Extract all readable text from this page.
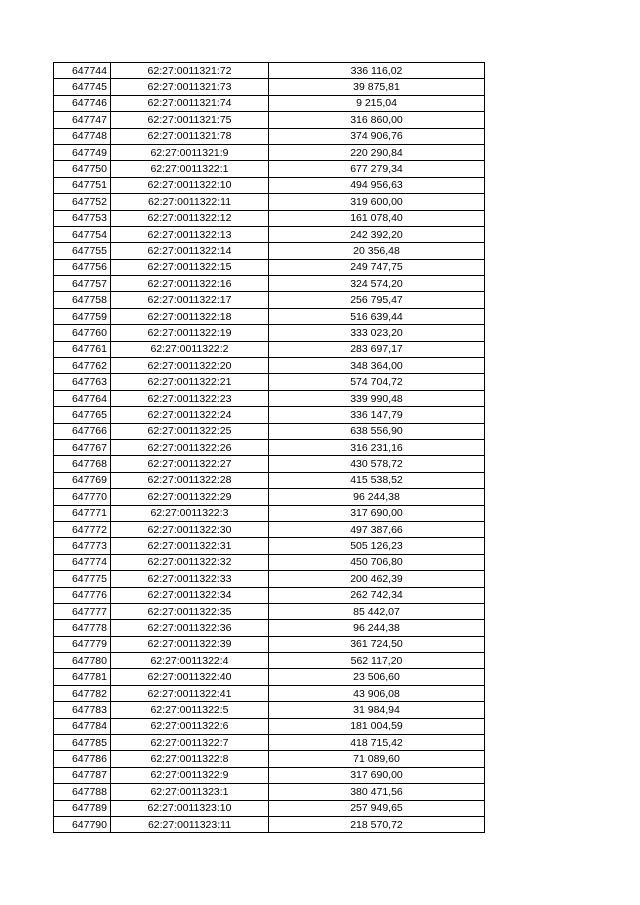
647744	62:27:0011321:72	336 116,02
647745	62:27:0011321:73	39 875,81
647746	62:27:0011321:74	9 215,04
647747	62:27:0011321:75	316 860,00
647748	62:27:0011321:78	374 906,76
647749	62:27:0011321:9	220 290,84
647750	62:27:0011322:1	677 279,34
647751	62:27:0011322:10	494 956,63
647752	62:27:0011322:11	319 600,00
647753	62:27:0011322:12	161 078,40
647754	62:27:0011322:13	242 392,20
647755	62:27:0011322:14	20 356,48
647756	62:27:0011322:15	249 747,75
647757	62:27:0011322:16	324 574,20
647758	62:27:0011322:17	256 795,47
647759	62:27:0011322:18	516 639,44
647760	62:27:0011322:19	333 023,20
647761	62:27:0011322:2	283 697,17
647762	62:27:0011322:20	348 364,00
647763	62:27:0011322:21	574 704,72
647764	62:27:0011322:23	339 990,48
647765	62:27:0011322:24	336 147,79
647766	62:27:0011322:25	638 556,90
647767	62:27:0011322:26	316 231,16
647768	62:27:0011322:27	430 578,72
647769	62:27:0011322:28	415 538,52
647770	62:27:0011322:29	96 244,38
647771	62:27:0011322:3	317 690,00
647772	62:27:0011322:30	497 387,66
647773	62:27:0011322:31	505 126,23
647774	62:27:0011322:32	450 706,80
647775	62:27:0011322:33	200 462,39
647776	62:27:0011322:34	262 742,34
647777	62:27:0011322:35	85 442,07
647778	62:27:0011322:36	96 244,38
647779	62:27:0011322:39	361 724,50
647780	62:27:0011322:4	562 117,20
647781	62:27:0011322:40	23 506,60
647782	62:27:0011322:41	43 906,08
647783	62:27:0011322:5	31 984,94
647784	62:27:0011322:6	181 004,59
647785	62:27:0011322:7	418 715,42
647786	62:27:0011322:8	71 089,60
647787	62:27:0011322:9	317 690,00
647788	62:27:0011323:1	380 471,56
647789	62:27:0011323:10	257 949,65
647790	62:27:0011323:11	218 570,72
